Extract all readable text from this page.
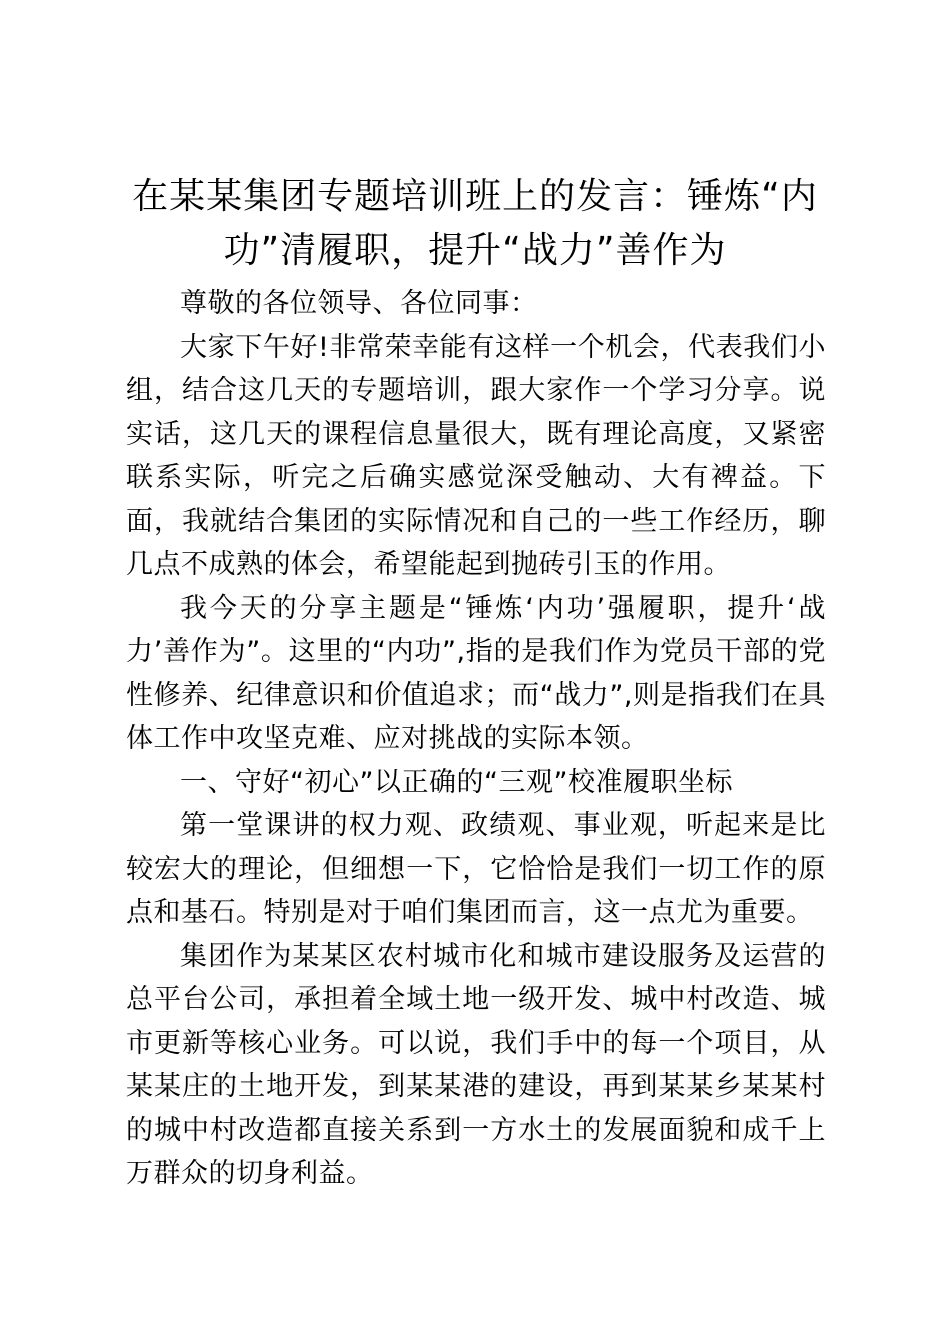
在某某集团专题培训班上的发言：锤炼“内功”清履职，提升“战力”善作为

尊敬的各位领导、各位同事：

大家下午好!非常荣幸能有这样一个机会，代表我们小组，结合这几天的专题培训，跟大家作一个学习分享。说实话，这几天的课程信息量很大，既有理论高度，又紧密联系实际，听完之后确实感觉深受触动、大有裨益。下面，我就结合集团的实际情况和自己的一些工作经历，聊几点不成熟的体会，希望能起到抛砖引玉的作用。

我今天的分享主题是“锤炼‘内功’强履职，提升‘战力’善作为”。这里的“内功”,指的是我们作为党员干部的党性修养、纪律意识和价值追求；而“战力”,则是指我们在具体工作中攻坚克难、应对挑战的实际本领。

一、守好“初心”以正确的“三观”校准履职坐标

第一堂课讲的权力观、政绩观、事业观，听起来是比较宏大的理论，但细想一下，它恰恰是我们一切工作的原点和基石。特别是对于咱们集团而言，这一点尤为重要。

集团作为某某区农村城市化和城市建设服务及运营的总平台公司，承担着全域土地一级开发、城中村改造、城市更新等核心业务。可以说，我们手中的每一个项目，从某某庄的土地开发，到某某港的建设，再到某某乡某某村的城中村改造都直接关系到一方水土的发展面貌和成千上万群众的切身利益。
